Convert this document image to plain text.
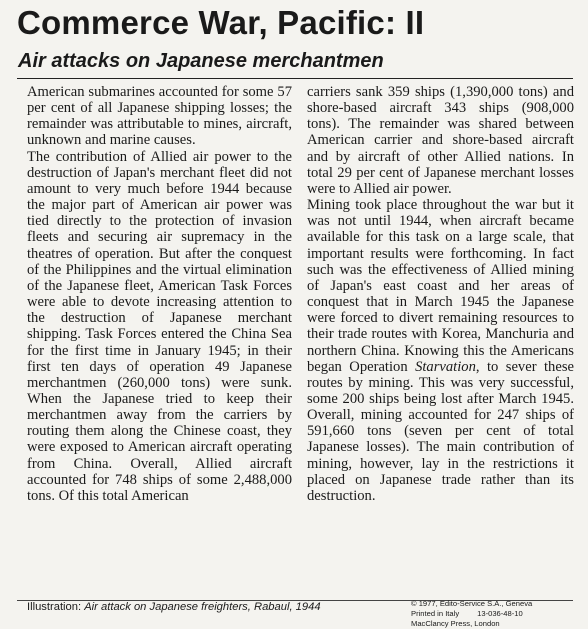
Commerce War, Pacific: II
Air attacks on Japanese merchantmen

American submarines accounted for some 57 per cent of all Japanese shipping losses; the remainder was attributable to mines, aircraft, unknown and marine causes.

The contribution of Allied air power to the destruction of Japan's merchant fleet did not amount to very much before 1944 because the major part of American air power was tied directly to the protection of invasion fleets and securing air supremacy in the theatres of operation. But after the conquest of the Philippines and the virtual elimination of the Japanese fleet, American Task Forces were able to devote increasing attention to the destruction of Japanese merchant shipping. Task Forces entered the China Sea for the first time in January 1945; in their first ten days of operation 49 Japanese merchantmen (260,000 tons) were sunk. When the Japanese tried to keep their merchantmen away from the carriers by routing them along the Chinese coast, they were exposed to American aircraft operating from China. Overall, Allied aircraft accounted for 748 ships of some 2,488,000 tons. Of this total American

carriers sank 359 ships (1,390,000 tons) and shore-based aircraft 343 ships (908,000 tons). The remainder was shared between American carrier and shore-based aircraft and by aircraft of other Allied nations. In total 29 per cent of Japanese merchant losses were to Allied air power.

Mining took place throughout the war but it was not until 1944, when aircraft became available for this task on a large scale, that important results were forthcoming. In fact such was the effectiveness of Allied mining of Japan's east coast and her areas of conquest that in March 1945 the Japanese were forced to divert remaining resources to their trade routes with Korea, Manchuria and northern China. Knowing this the Americans began Operation Starvation, to sever these routes by mining. This was very successful, some 200 ships being lost after March 1945. Overall, mining accounted for 247 ships of 591,660 tons (seven per cent of total Japanese losses). The main contribution of mining, however, lay in the restrictions it placed on Japanese trade rather than its destruction.

Illustration: Air attack on Japanese freighters, Rabaul, 1944	© 1977, Edito-Service S.A., Geneva
Printed in Italy 13-036-48-10
MacClancy Press, London
